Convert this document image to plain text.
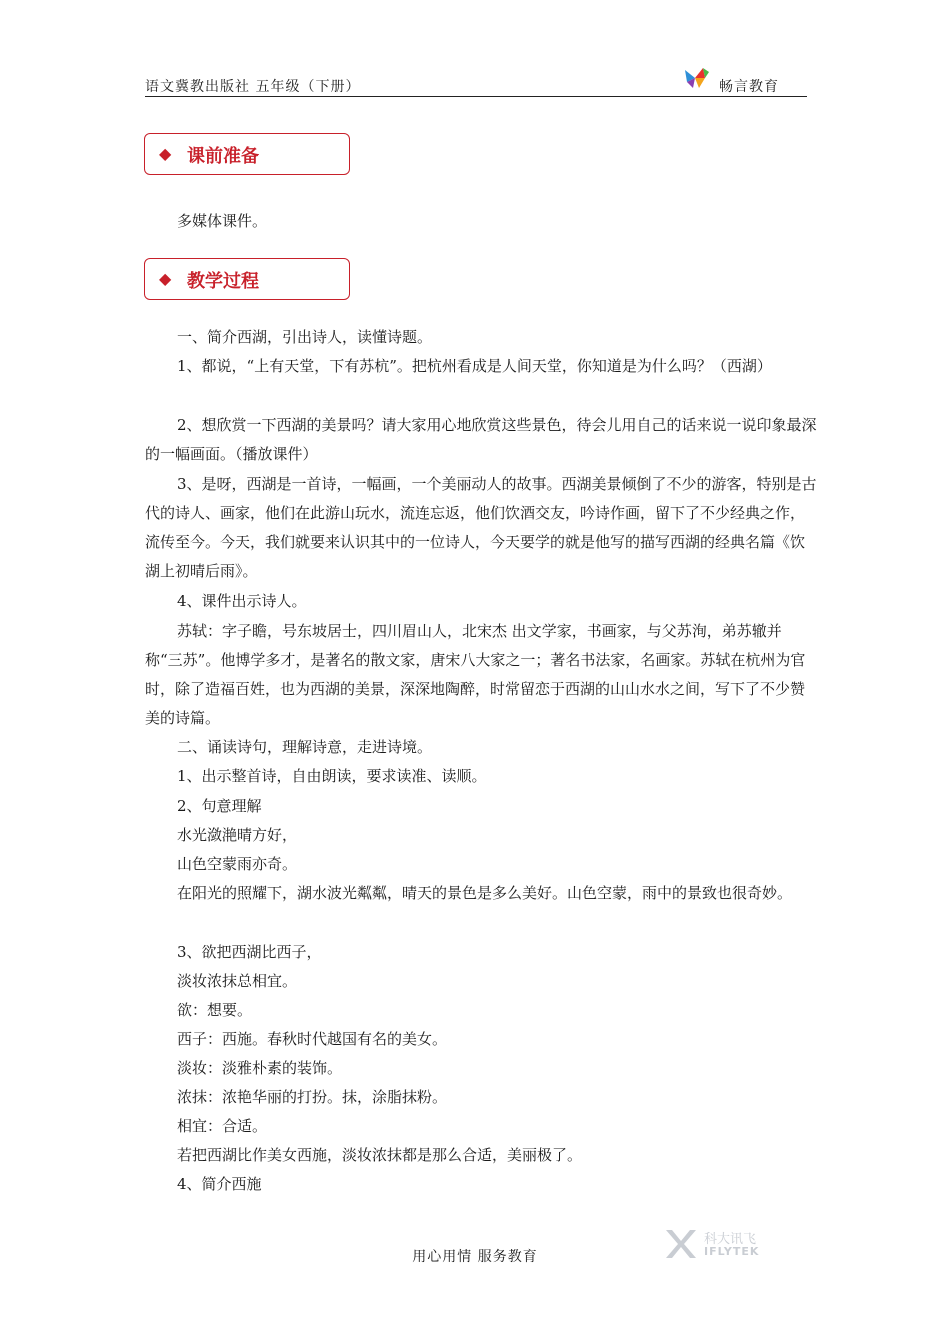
语文冀教出版社 五年级（下册）	畅言教育
◆ 课前准备

多媒体课件。

◆ 教学过程

一、简介西湖，引出诗人，读懂诗题。

1、都说，“上有天堂，下有苏杭”。把杭州看成是人间天堂，你知道是为什么吗？（西湖）

2、想欣赏一下西湖的美景吗？请大家用心地欣赏这些景色，待会儿用自己的话来说一说印象最深的一幅画面。（播放课件）

3、是呀，西湖是一首诗，一幅画，一个美丽动人的故事。西湖美景倾倒了不少的游客，特别是古代的诗人、画家，他们在此游山玩水，流连忘返，他们饮酒交友，吟诗作画，留下了不少经典之作，流传至今。今天，我们就要来认识其中的一位诗人，今天要学的就是他写的描写西湖的经典名篇《饮湖上初晴后雨》。

4、课件出示诗人。

苏轼：字子瞻，号东坡居士，四川眉山人，北宋杰 出文学家，书画家，与父苏洵，弟苏辙并称“三苏”。他博学多才，是著名的散文家，唐宋八大家之一；著名书法家，名画家。苏轼在杭州为官时，除了造福百姓，也为西湖的美景，深深地陶醉，时常留恋于西湖的山山水水之间，写下了不少赞美的诗篇。

二、诵读诗句，理解诗意，走进诗境。

1、出示整首诗，自由朗读，要求读准、读顺。

2、句意理解

水光潋滟晴方好，

山色空蒙雨亦奇。

在阳光的照耀下，湖水波光粼粼，晴天的景色是多么美好。山色空蒙，雨中的景致也很奇妙。

3、欲把西湖比西子，

淡妆浓抹总相宜。

欲：想要。

西子：西施。春秋时代越国有名的美女。

淡妆：淡雅朴素的装饰。

浓抹：浓艳华丽的打扮。抹，涂脂抹粉。

相宜：合适。

若把西湖比作美女西施，淡妆浓抹都是那么合适，美丽极了。

4、简介西施

用心用情 服务教育
科大讯飞
IFLYTEK
